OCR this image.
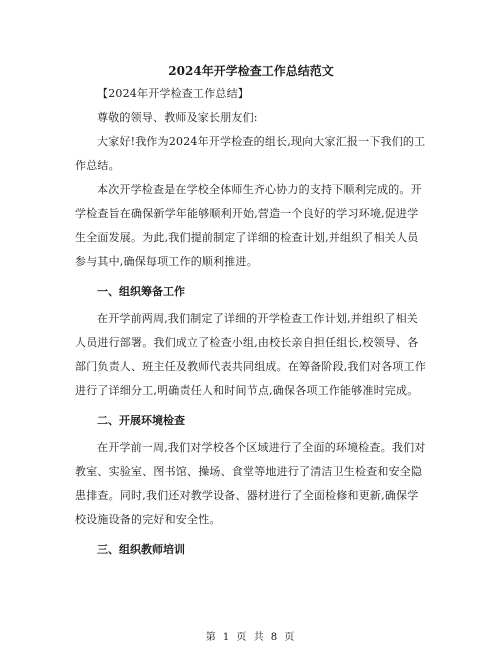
2024年开学检查工作总结范文

【2024年开学检查工作总结】

尊敬的领导、教师及家长朋友们:

大家好!我作为2024年开学检查的组长,现向大家汇报一下我们的工作总结。

本次开学检查是在学校全体师生齐心协力的支持下顺利完成的。开学检查旨在确保新学年能够顺利开始,营造一个良好的学习环境,促进学生全面发展。为此,我们提前制定了详细的检查计划,并组织了相关人员参与其中,确保每项工作的顺利推进。

一、组织筹备工作

在开学前两周,我们制定了详细的开学检查工作计划,并组织了相关人员进行部署。我们成立了检查小组,由校长亲自担任组长,校领导、各部门负责人、班主任及教师代表共同组成。在筹备阶段,我们对各项工作进行了详细分工,明确责任人和时间节点,确保各项工作能够准时完成。

二、开展环境检查

在开学前一周,我们对学校各个区域进行了全面的环境检查。我们对教室、实验室、图书馆、操场、食堂等地进行了清洁卫生检查和安全隐患排查。同时,我们还对教学设备、器材进行了全面检修和更新,确保学校设施设备的完好和安全性。

三、组织教师培训

第 1 页 共 8 页
